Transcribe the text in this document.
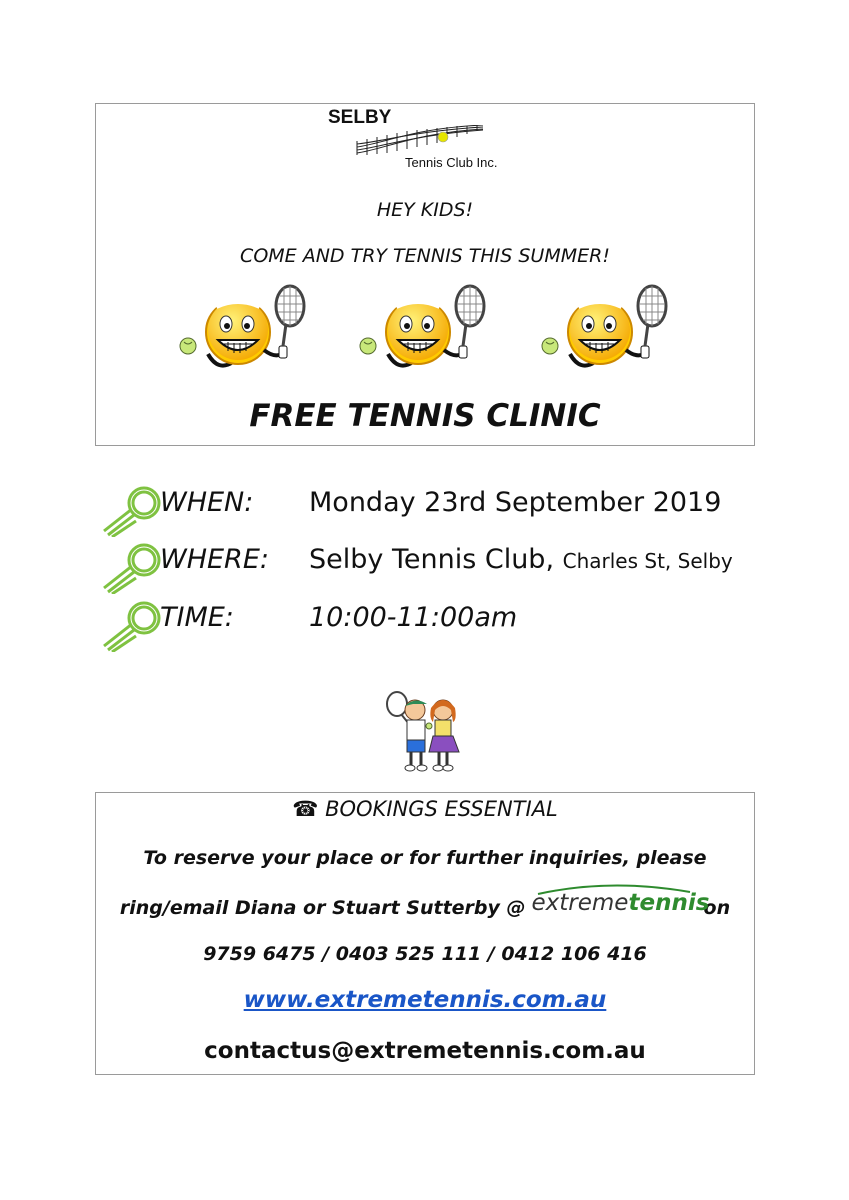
SELBY
Tennis Club Inc.
HEY KIDS!
COME AND TRY TENNIS THIS SUMMER!
FREE TENNIS CLINIC
WHEN: Monday 23rd September 2019
WHERE: Selby Tennis Club, Charles St, Selby
TIME:	10:00-11:00am
☎ BOOKINGS ESSENTIAL
To reserve your place or for further inquiries, please
ring/email Diana or Stuart Sutterby @ extreme tennis
on
9759 6475 / 0403 525 111 / 0412 106 416
www.extremetennis.com.au
contactus@extremetennis.com.au
